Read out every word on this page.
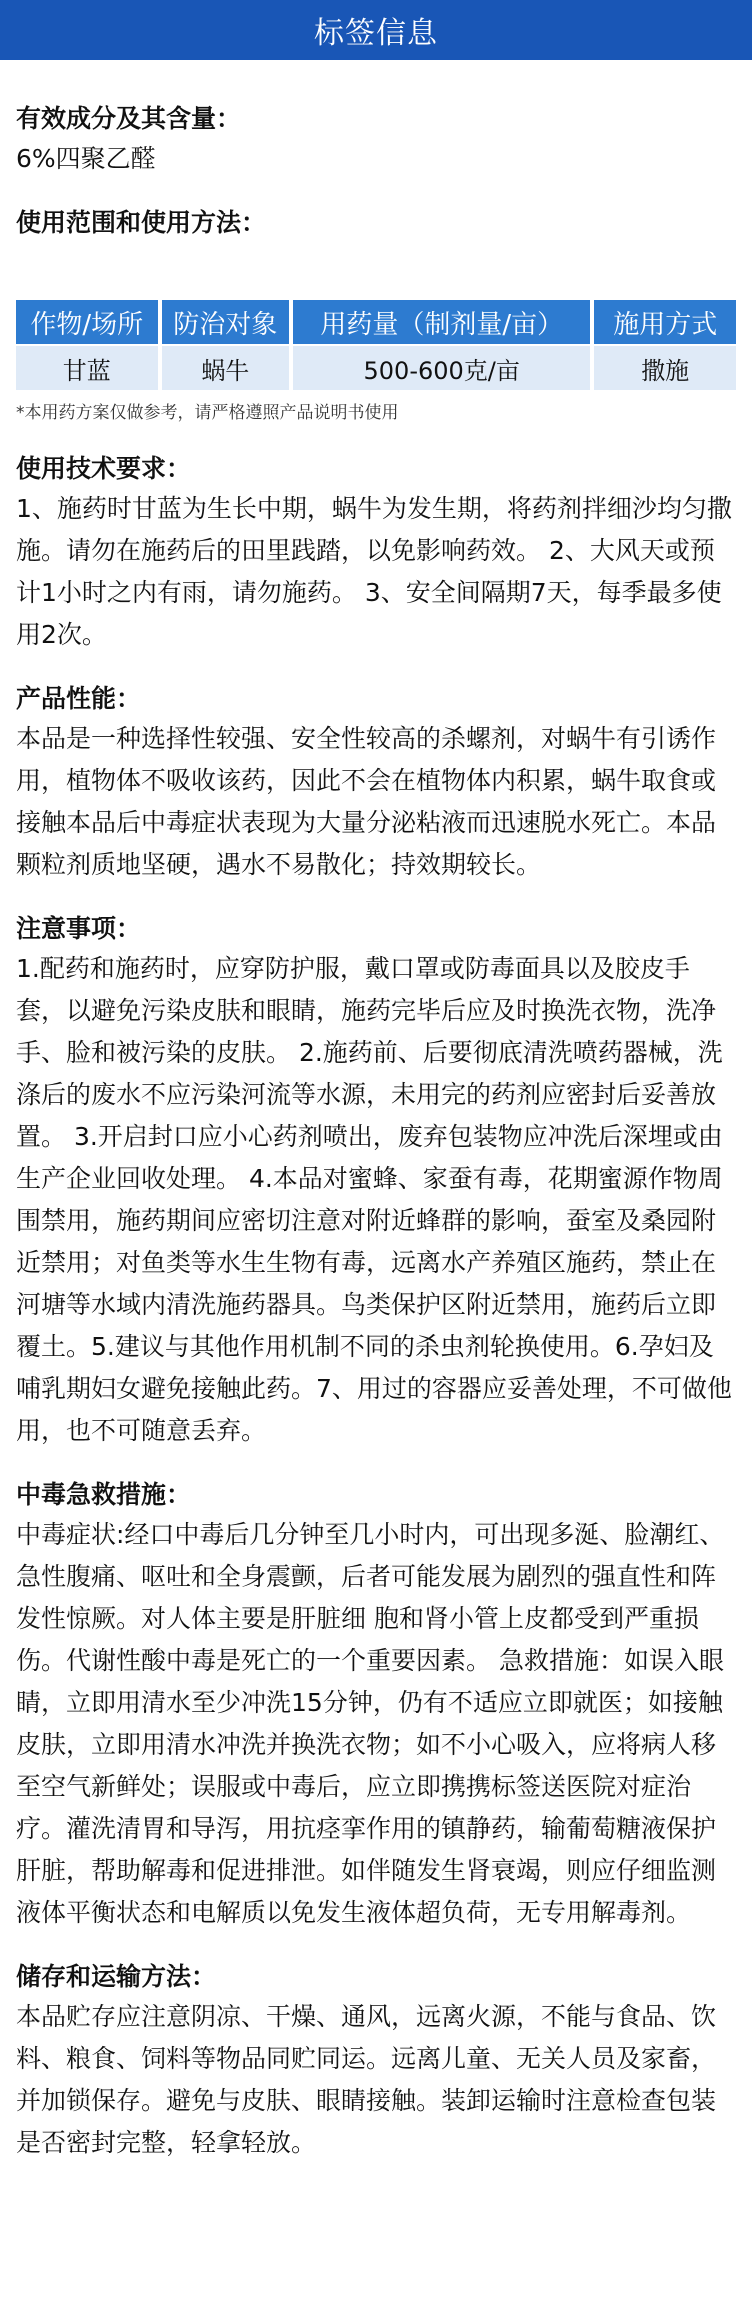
标签信息
有效成分及其含量：

6%四聚乙醛

使用范围和使用方法：
作物/场所	防治对象	用药量（制剂量/亩）	施用方式
甘蓝	蜗牛	500-600克/亩	撒施
*本用药方案仅做参考，请严格遵照产品说明书使用
使用技术要求：

1、施药时甘蓝为生长中期，蜗牛为发生期，将药剂拌细沙均匀撒施。请勿在施药后的田里践踏，以免影响药效。 2、大风天或预计1小时之内有雨，请勿施药。 3、安全间隔期7天，每季最多使用2次。

产品性能：

本品是一种选择性较强、安全性较高的杀螺剂，对蜗牛有引诱作用，植物体不吸收该药，因此不会在植物体内积累，蜗牛取食或接触本品后中毒症状表现为大量分泌粘液而迅速脱水死亡。本品颗粒剂质地坚硬，遇水不易散化；持效期较长。

注意事项：

1.配药和施药时，应穿防护服，戴口罩或防毒面具以及胶皮手套，以避免污染皮肤和眼睛，施药完毕后应及时换洗衣物，洗净手、脸和被污染的皮肤。 2.施药前、后要彻底清洗喷药器械，洗涤后的废水不应污染河流等水源，未用完的药剂应密封后妥善放置。 3.开启封口应小心药剂喷出，废弃包装物应冲洗后深埋或由生产企业回收处理。 4.本品对蜜蜂、家蚕有毒，花期蜜源作物周围禁用，施药期间应密切注意对附近蜂群的影响，蚕室及桑园附近禁用；对鱼类等水生生物有毒，远离水产养殖区施药，禁止在河塘等水域内清洗施药器具。鸟类保护区附近禁用，施药后立即覆土。5.建议与其他作用机制不同的杀虫剂轮换使用。6.孕妇及哺乳期妇女避免接触此药。7、用过的容器应妥善处理，不可做他用，也不可随意丢弃。

中毒急救措施：

中毒症状:经口中毒后几分钟至几小时内，可出现多涎、脸潮红、急性腹痛、呕吐和全身震颤，后者可能发展为剧烈的强直性和阵发性惊厥。对人体主要是肝脏细 胞和肾小管上皮都受到严重损伤。代谢性酸中毒是死亡的一个重要因素。 急救措施：如误入眼睛，立即用清水至少冲洗15分钟，仍有不适应立即就医；如接触皮肤，立即用清水冲洗并换洗衣物；如不小心吸入，应将病人移至空气新鲜处；误服或中毒后，应立即携携标签送医院对症治疗。灌洗清胃和导泻，用抗痉挛作用的镇静药，输葡萄糖液保护肝脏，帮助解毒和促进排泄。如伴随发生肾衰竭，则应仔细监测液体平衡状态和电解质以免发生液体超负荷，无专用解毒剂。

储存和运输方法：

本品贮存应注意阴凉、干燥、通风，远离火源，不能与食品、饮料、粮食、饲料等物品同贮同运。远离儿童、无关人员及家畜，并加锁保存。避免与皮肤、眼睛接触。装卸运输时注意检查包装是否密封完整，轻拿轻放。
